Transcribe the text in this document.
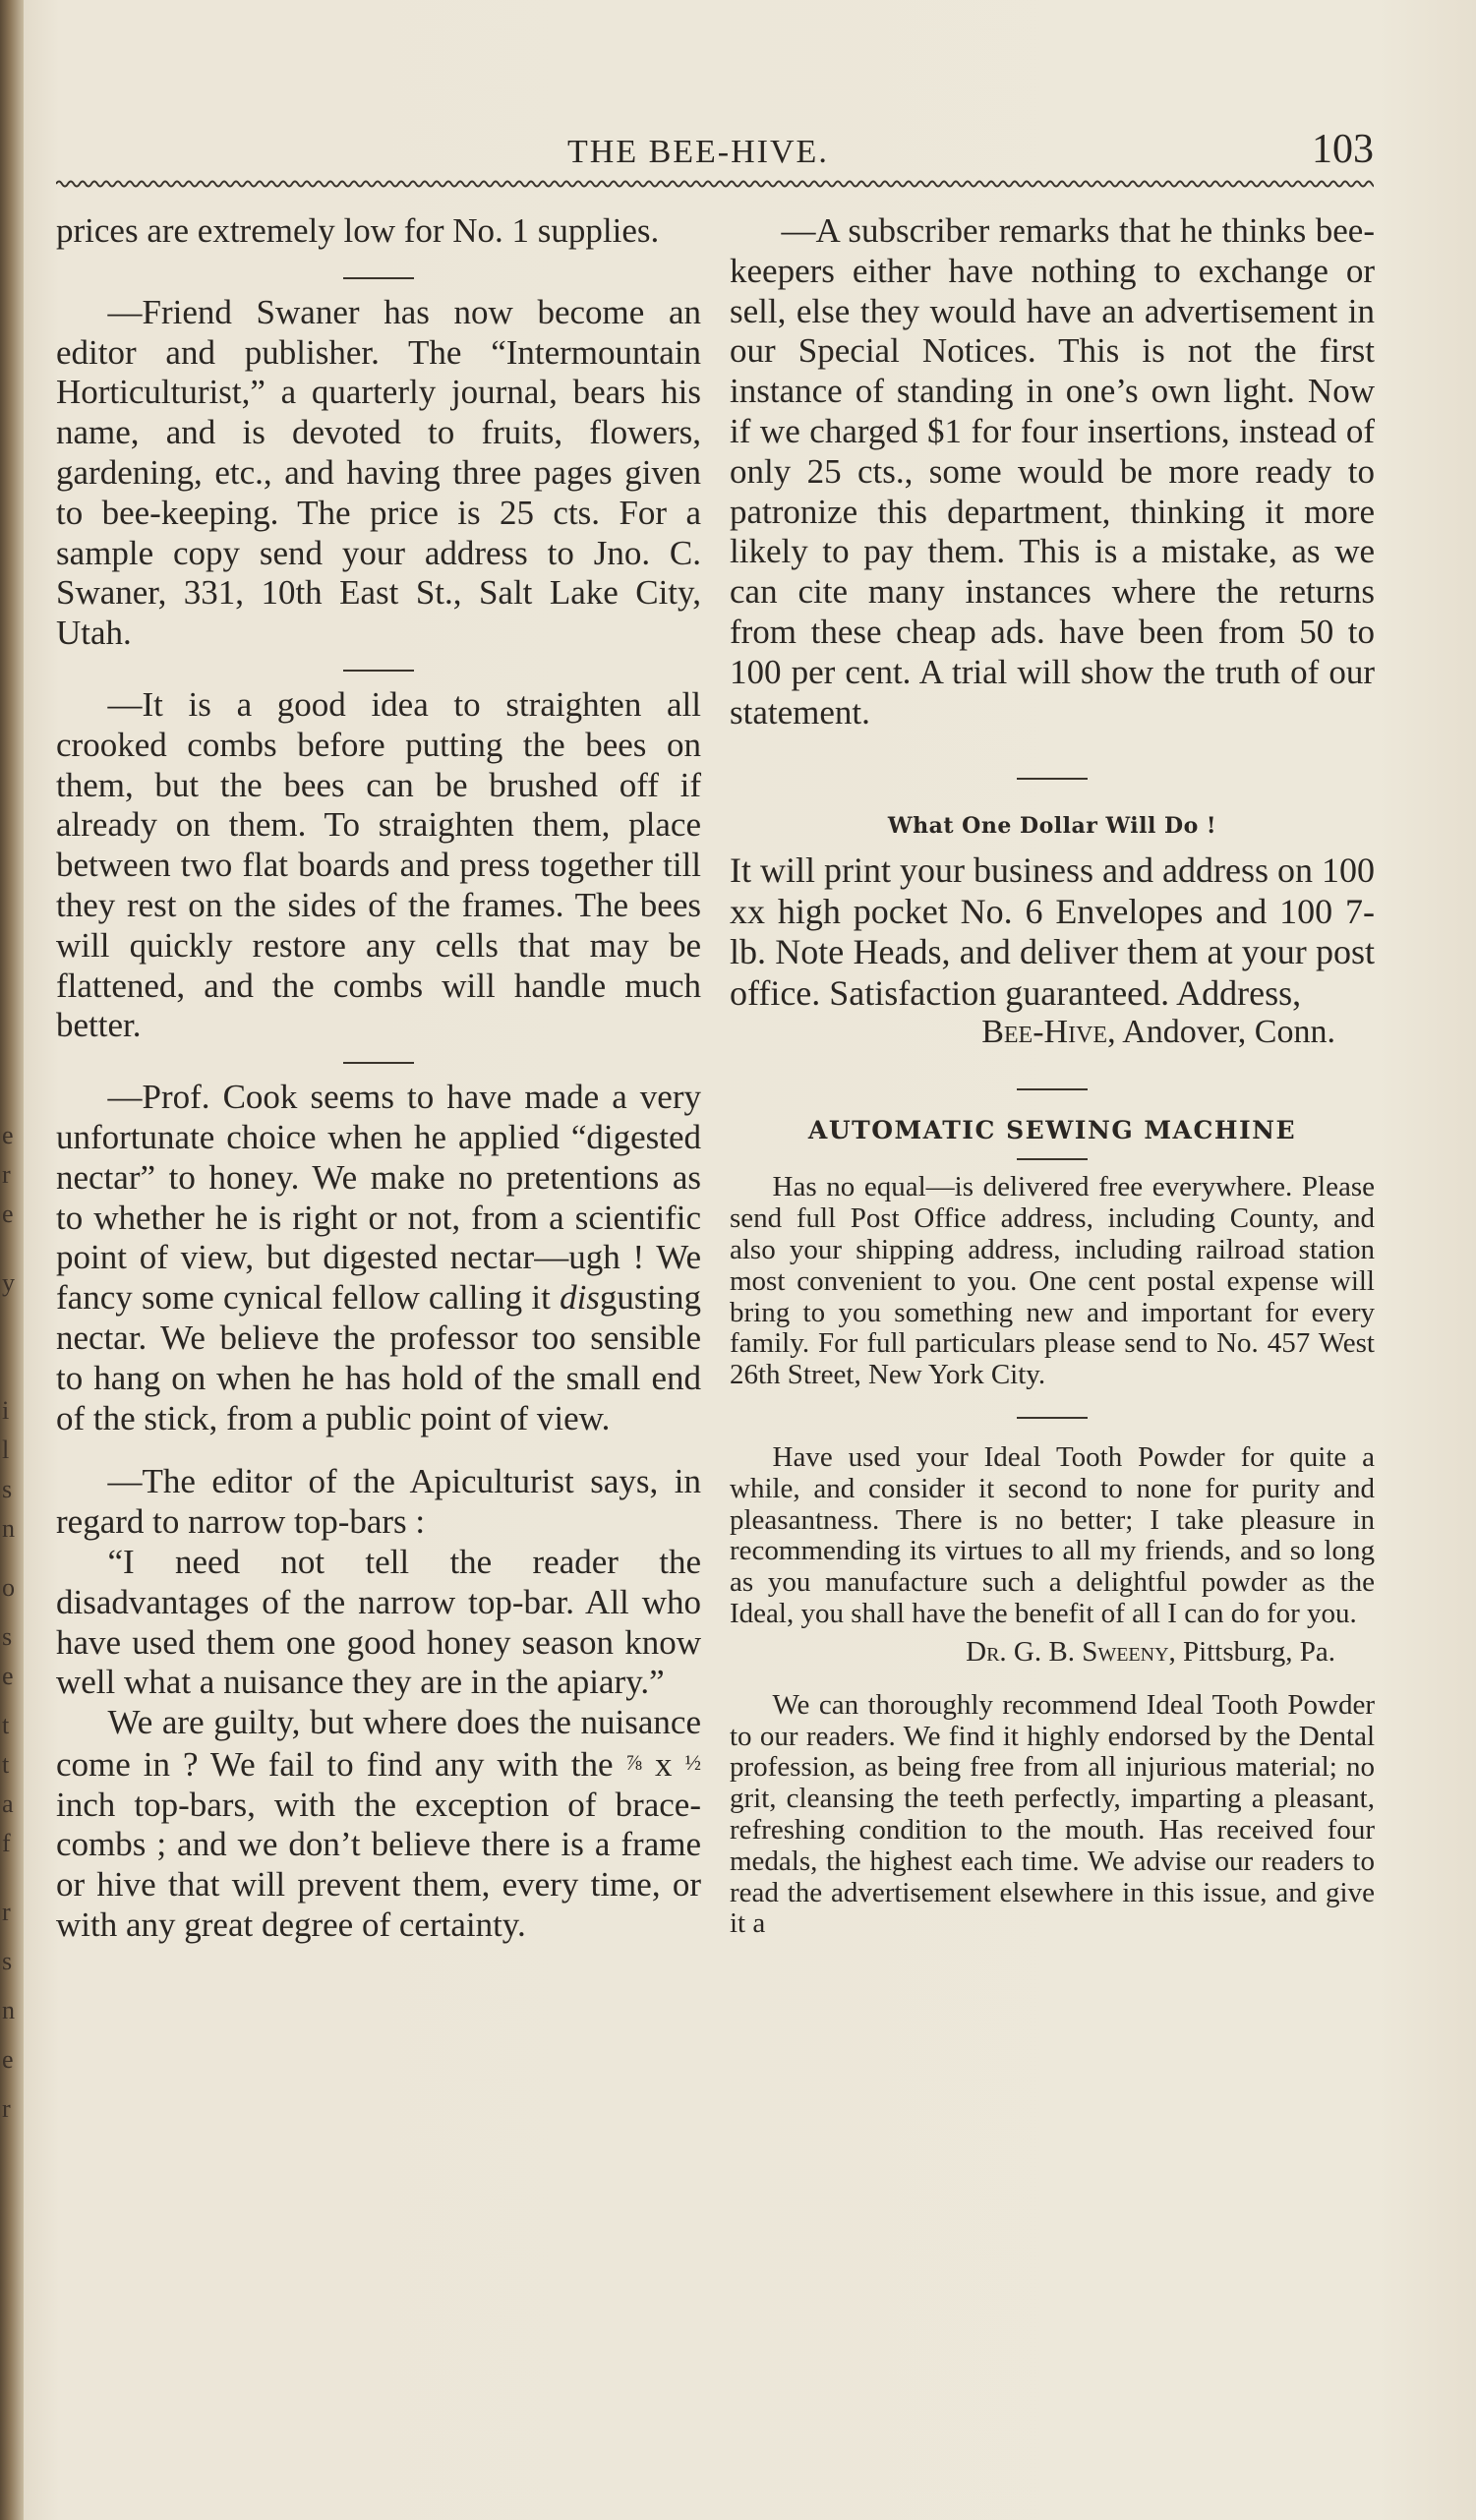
e
r
e
y
i
l
s
n
o
s
e
t
t
a
f
r
s
n
e
r
THE BEE-HIVE.	103

prices are extremely low for No. 1 supplies.

—Friend Swaner has now become an editor and publisher. The “Intermountain Horticulturist,” a quarterly journal, bears his name, and is devoted to fruits, flowers, gardening, etc., and having three pages given to bee-keeping. The price is 25 cts. For a sample copy send your address to Jno. C. Swaner, 331, 10th East St., Salt Lake City, Utah.

—It is a good idea to straighten all crooked combs before putting the bees on them, but the bees can be brushed off if already on them. To straighten them, place between two flat boards and press together till they rest on the sides of the frames. The bees will quickly restore any cells that may be flattened, and the combs will handle much better.

—Prof. Cook seems to have made a very unfortunate choice when he applied “digested nectar” to honey. We make no pretentions as to whether he is right or not, from a scientific point of view, but digested nectar—ugh ! We fancy some cynical fellow calling it disgusting nectar. We believe the professor too sensible to hang on when he has hold of the small end of the stick, from a public point of view.

—The editor of the Apiculturist says, in regard to narrow top-bars :

“I need not tell the reader the disadvantages of the narrow top-bar. All who have used them one good honey season know well what a nuisance they are in the apiary.”

We are guilty, but where does the nuisance come in ? We fail to find any with the ⅞ x ½ inch top-bars, with the exception of brace-combs ; and we don’t believe there is a frame or hive that will prevent them, every time, or with any great degree of certainty.

—A subscriber remarks that he thinks bee-keepers either have nothing to exchange or sell, else they would have an advertisement in our Special Notices. This is not the first instance of standing in one’s own light. Now if we charged $1 for four insertions, instead of only 25 cts., some would be more ready to patronize this department, thinking it more likely to pay them. This is a mistake, as we can cite many instances where the returns from these cheap ads. have been from 50 to 100 per cent. A trial will show the truth of our statement.

What One Dollar Will Do !

It will print your business and address on 100 xx high pocket No. 6 Envelopes and 100 7-lb. Note Heads, and deliver them at your post office. Satisfaction guaranteed. Address,

Bee-Hive, Andover, Conn.

AUTOMATIC SEWING MACHINE

Has no equal—is delivered free everywhere. Please send full Post Office address, including County, and also your shipping address, including railroad station most convenient to you. One cent postal expense will bring to you something new and important for every family. For full particulars please send to No. 457 West 26th Street, New York City.

Have used your Ideal Tooth Powder for quite a while, and consider it second to none for purity and pleasantness. There is no better; I take pleasure in recommending its virtues to all my friends, and so long as you manufacture such a delightful powder as the Ideal, you shall have the benefit of all I can do for you.

Dr. G. B. Sweeny, Pittsburg, Pa.

We can thoroughly recommend Ideal Tooth Powder to our readers. We find it highly endorsed by the Dental profession, as being free from all injurious material; no grit, cleansing the teeth perfectly, imparting a pleasant, refreshing condition to the mouth. Has received four medals, the highest each time. We advise our readers to read the advertisement elsewhere in this issue, and give it a
